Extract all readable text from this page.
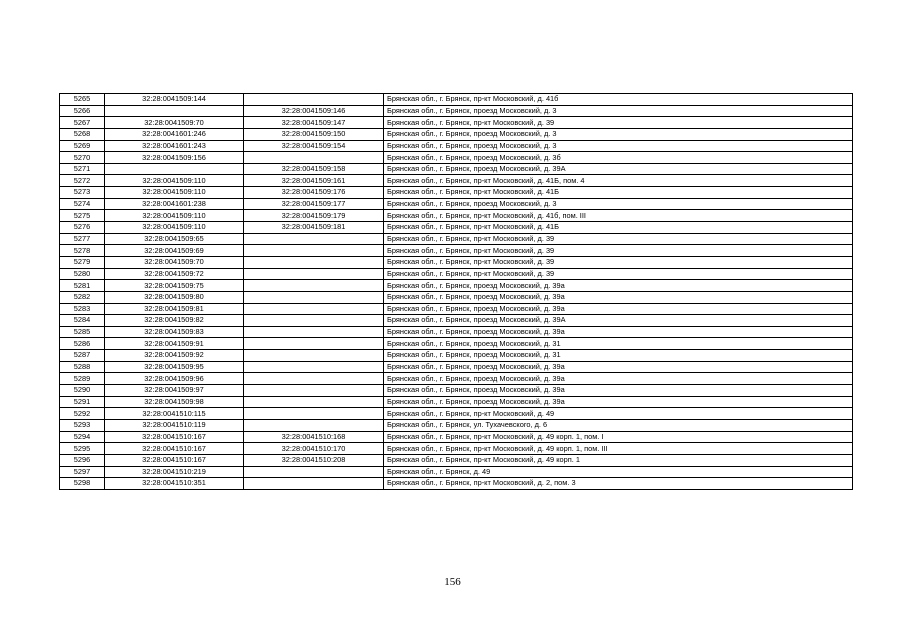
5265	32:28:0041509:144		Брянская обл., г. Брянск, пр-кт Московский, д. 41б
5266		32:28:0041509:146	Брянская обл., г. Брянск, проезд Московский, д. 3
5267	32:28:0041509:70	32:28:0041509:147	Брянская обл., г. Брянск, пр-кт Московский, д. 39
5268	32:28:0041601:246	32:28:0041509:150	Брянская обл., г. Брянск, проезд Московский, д. 3
5269	32:28:0041601:243	32:28:0041509:154	Брянская обл., г. Брянск, проезд Московский, д. 3
5270	32:28:0041509:156		Брянская обл., г. Брянск, проезд Московский, д. 3б
5271		32:28:0041509:158	Брянская обл., г. Брянск, проезд Московский, д. 39А
5272	32:28:0041509:110	32:28:0041509:161	Брянская обл., г. Брянск, пр-кт Московский, д. 41Б, пом. 4
5273	32:28:0041509:110	32:28:0041509:176	Брянская обл., г. Брянск, пр-кт Московский, д. 41Б
5274	32:28:0041601:238	32:28:0041509:177	Брянская обл., г. Брянск, проезд Московский, д. 3
5275	32:28:0041509:110	32:28:0041509:179	Брянская обл., г. Брянск, пр-кт Московский, д. 41б, пом. III
5276	32:28:0041509:110	32:28:0041509:181	Брянская обл., г. Брянск, пр-кт Московский, д. 41Б
5277	32:28:0041509:65		Брянская обл., г. Брянск, пр-кт Московский, д. 39
5278	32:28:0041509:69		Брянская обл., г. Брянск, пр-кт Московский, д. 39
5279	32:28:0041509:70		Брянская обл., г. Брянск, пр-кт Московский, д. 39
5280	32:28:0041509:72		Брянская обл., г. Брянск, пр-кт Московский, д. 39
5281	32:28:0041509:75		Брянская обл., г. Брянск, проезд Московский, д. 39а
5282	32:28:0041509:80		Брянская обл., г. Брянск, проезд Московский, д. 39а
5283	32:28:0041509:81		Брянская обл., г. Брянск, проезд Московский, д. 39а
5284	32:28:0041509:82		Брянская обл., г. Брянск, проезд Московский, д. 39А
5285	32:28:0041509:83		Брянская обл., г. Брянск, проезд Московский, д. 39а
5286	32:28:0041509:91		Брянская обл., г. Брянск, проезд Московский, д. 31
5287	32:28:0041509:92		Брянская обл., г. Брянск, проезд Московский, д. 31
5288	32:28:0041509:95		Брянская обл., г. Брянск, проезд Московский, д. 39а
5289	32:28:0041509:96		Брянская обл., г. Брянск, проезд Московский, д. 39а
5290	32:28:0041509:97		Брянская обл., г. Брянск, проезд Московский, д. 39а
5291	32:28:0041509:98		Брянская обл., г. Брянск, проезд Московский, д. 39а
5292	32:28:0041510:115		Брянская обл., г. Брянск, пр-кт Московский, д. 49
5293	32:28:0041510:119		Брянская обл., г. Брянск, ул. Тухачевского, д. 6
5294	32:28:0041510:167	32:28:0041510:168	Брянская обл., г. Брянск, пр-кт Московский, д. 49 корп. 1, пом. I
5295	32:28:0041510:167	32:28:0041510:170	Брянская обл., г. Брянск, пр-кт Московский, д. 49 корп. 1, пом. III
5296	32:28:0041510:167	32:28:0041510:208	Брянская обл., г. Брянск, пр-кт Московский, д. 49 корп. 1
5297	32:28:0041510:219		Брянская обл., г. Брянск, д. 49
5298	32:28:0041510:351		Брянская обл., г. Брянск, пр-кт Московский, д. 2, пом. 3
156
